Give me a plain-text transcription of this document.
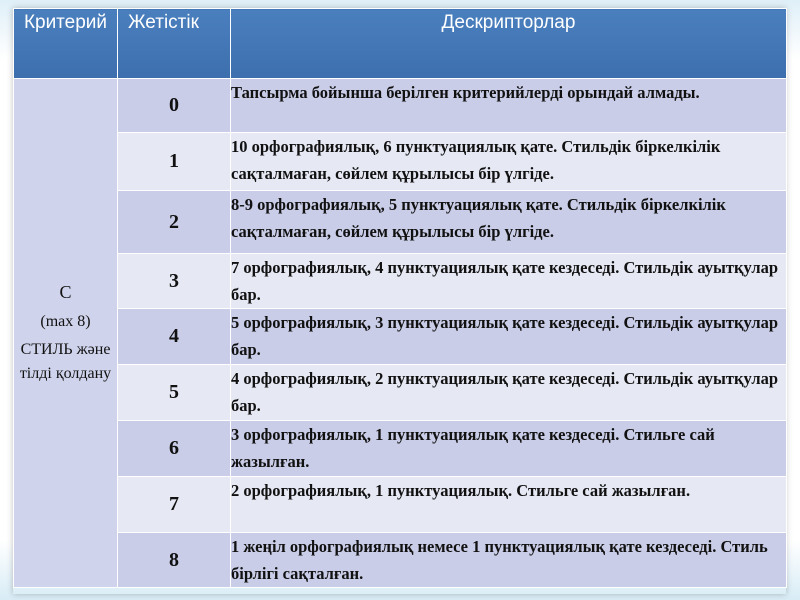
Критерий	Жетістік	Дескрипторлар

С
(max 8)
СТИЛЬ және тілді қолдану	0	Тапсырма бойынша берілген критерийлерді орындай алмады.
	1	10 орфографиялық, 6 пунктуациялық қате. Стильдік біркелкілік сақталмаған, сөйлем құрылысы бір үлгіде.
	2	8-9 орфографиялық, 5 пунктуациялық қате. Стильдік біркелкілік сақталмаған, сөйлем құрылысы бір үлгіде.
	3	7 орфографиялық, 4 пунктуациялық қате кездеседі. Стильдік ауытқулар бар.
	4	5 орфографиялық, 3 пунктуациялық қате кездеседі. Стильдік ауытқулар бар.
	5	4 орфографиялық, 2 пунктуациялық қате кездеседі. Стильдік ауытқулар бар.
	6	3 орфографиялық, 1 пунктуациялық қате кездеседі. Стильге сай жазылған.
	7	2 орфографиялық, 1 пунктуациялық. Стильге сай жазылған.
	8	1 жеңіл орфографиялық немесе 1 пунктуациялық қате кездеседі. Стиль бірлігі сақталған.
